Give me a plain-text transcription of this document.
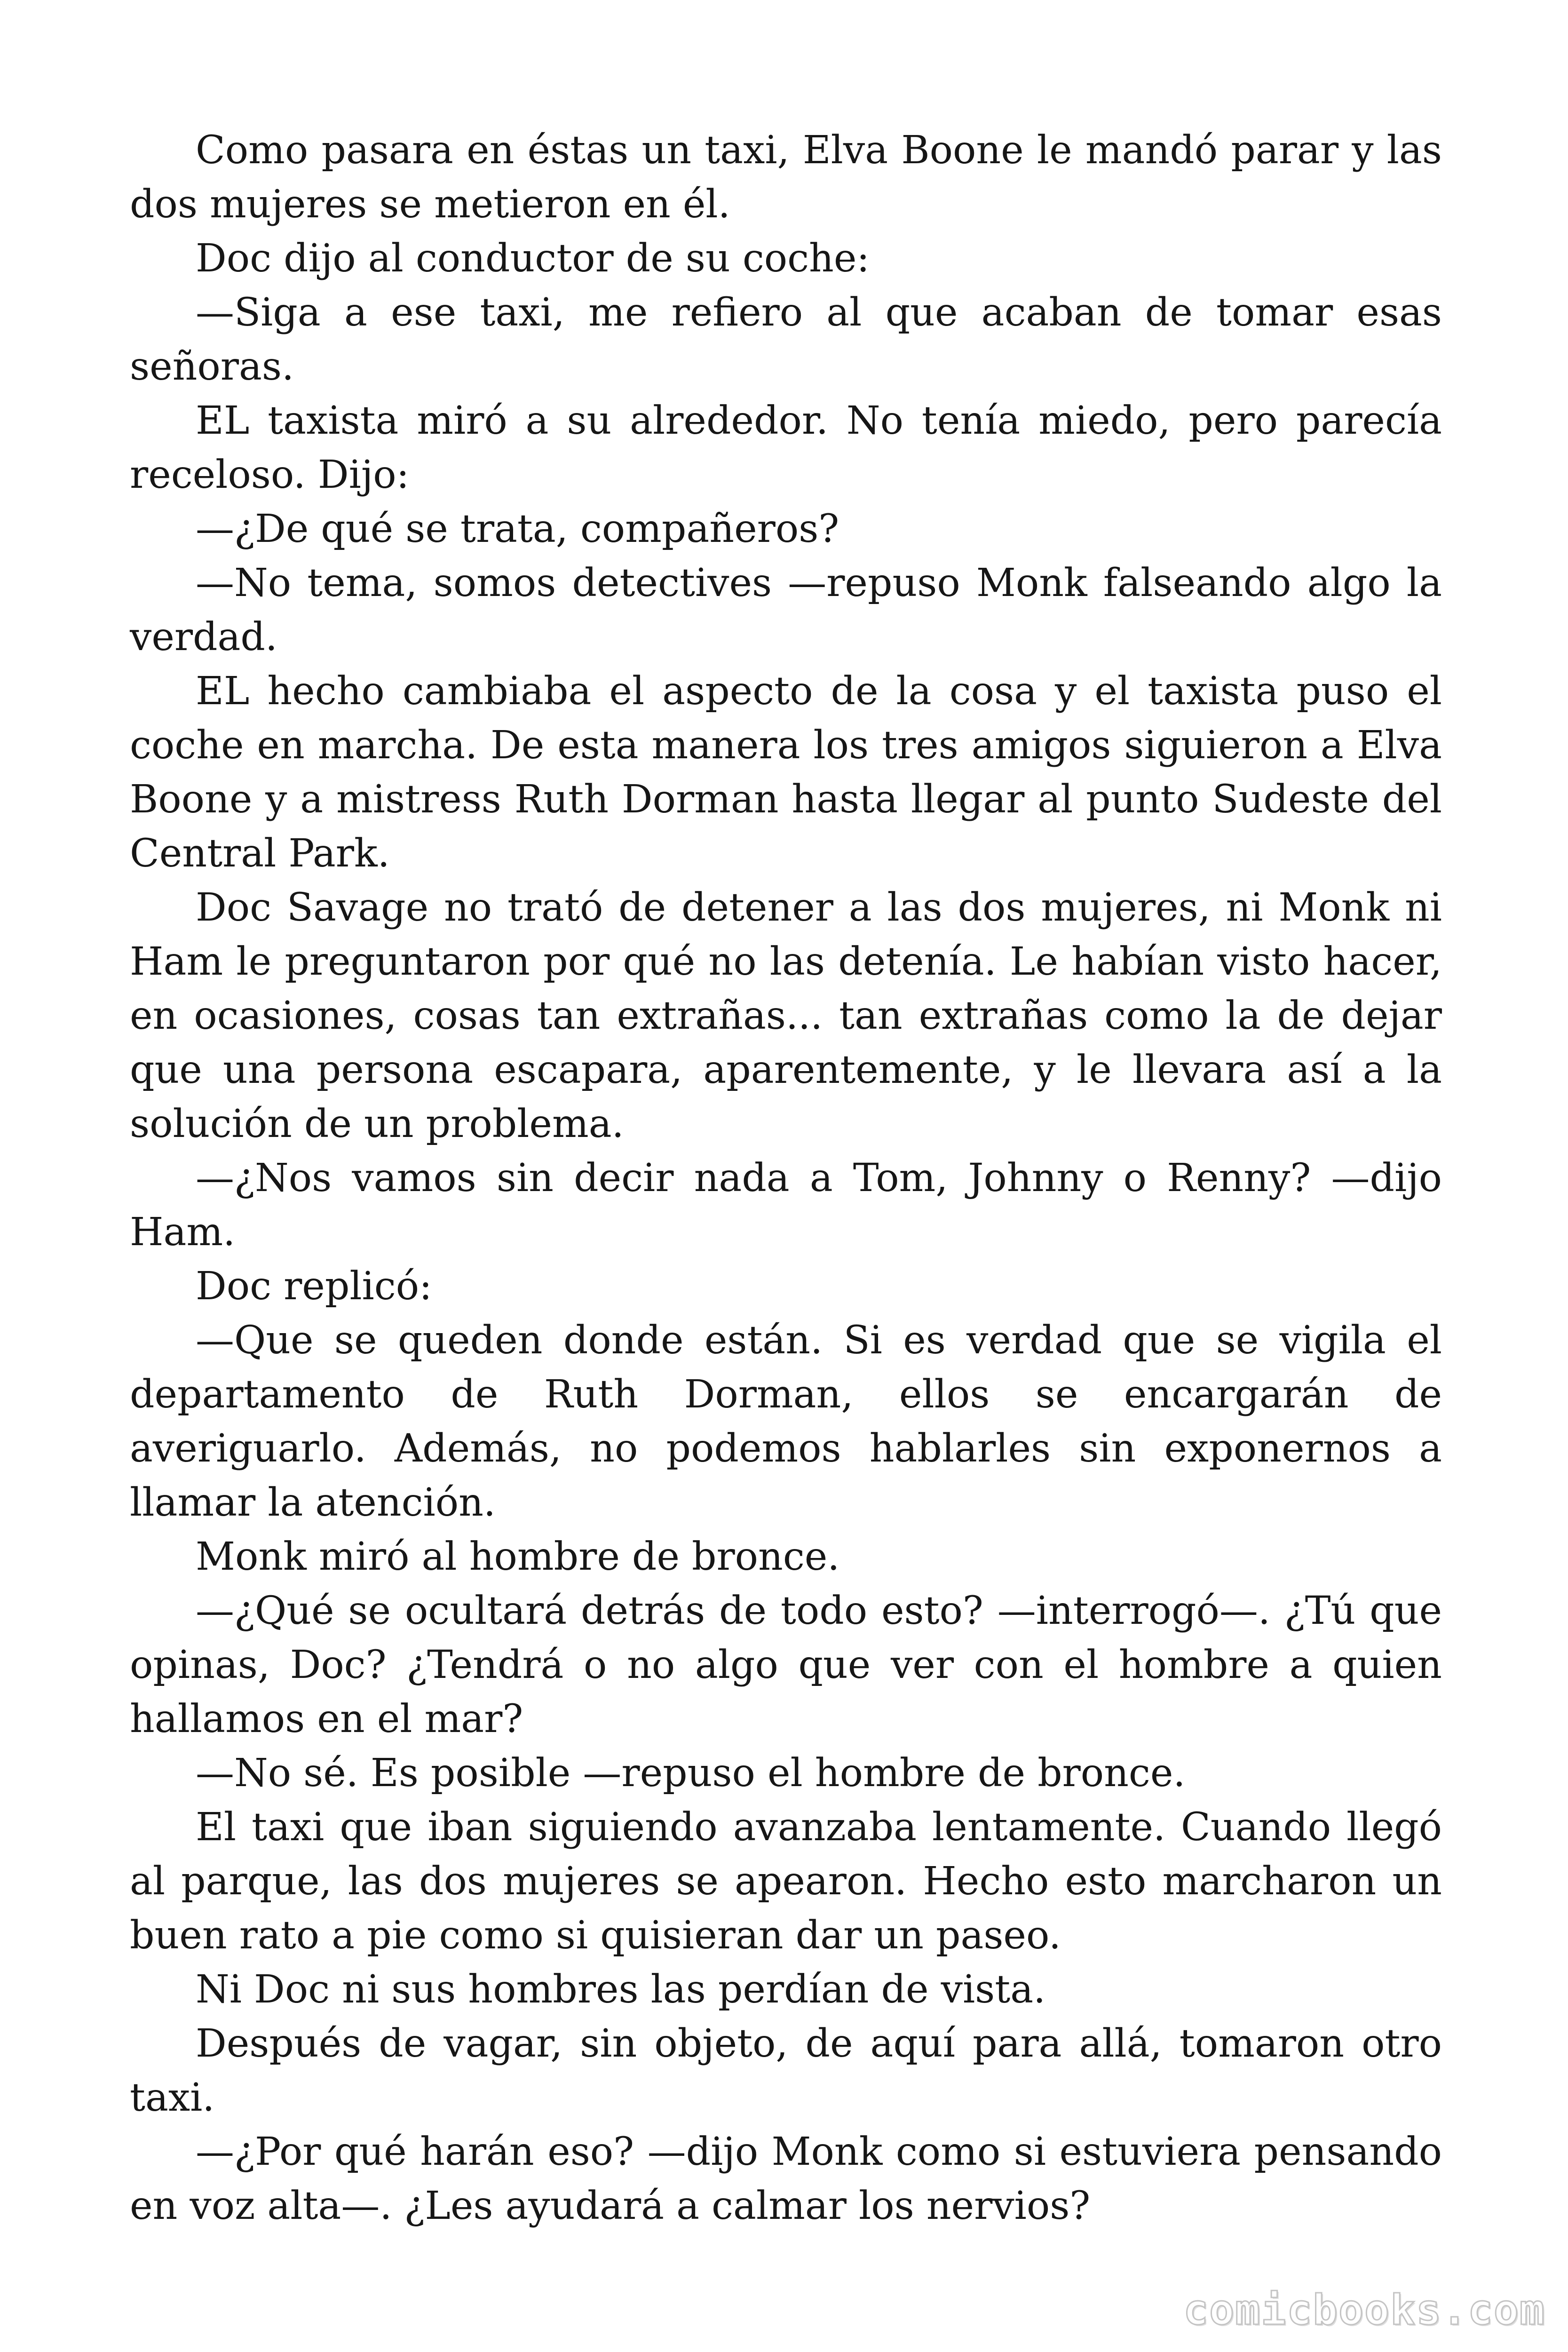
Como pasara en éstas un taxi, Elva Boone le mandó parar y las dos mujeres se metieron en él.

Doc dijo al conductor de su coche:

—Siga a ese taxi, me refiero al que acaban de tomar esas señoras.

EL taxista miró a su alrededor. No tenía miedo, pero parecía receloso. Dijo:

—¿De qué se trata, compañeros?

—No tema, somos detectives —repuso Monk falseando algo la verdad.

EL hecho cambiaba el aspecto de la cosa y el taxista puso el coche en marcha. De esta manera los tres amigos siguieron a Elva Boone y a mistress Ruth Dorman hasta llegar al punto Sudeste del Central Park.

Doc Savage no trató de detener a las dos mujeres, ni Monk ni Ham le preguntaron por qué no las detenía. Le habían visto hacer, en ocasiones, cosas tan extrañas... tan extrañas como la de dejar que una persona escapara, aparentemente, y le llevara así a la solución de un problema.

—¿Nos vamos sin decir nada a Tom, Johnny o Renny? —dijo Ham.

Doc replicó:

—Que se queden donde están. Si es verdad que se vigila el departamento de Ruth Dorman, ellos se encargarán de averiguarlo. Además, no podemos hablarles sin exponernos a llamar la atención.

Monk miró al hombre de bronce.

—¿Qué se ocultará detrás de todo esto? —interrogó—. ¿Tú que opinas, Doc? ¿Tendrá o no algo que ver con el hombre a quien hallamos en el mar?

—No sé. Es posible —repuso el hombre de bronce.

El taxi que iban siguiendo avanzaba lentamente. Cuando llegó al parque, las dos mujeres se apearon. Hecho esto marcharon un buen rato a pie como si quisieran dar un paseo.

Ni Doc ni sus hombres las perdían de vista.

Después de vagar, sin objeto, de aquí para allá, tomaron otro taxi.

—¿Por qué harán eso? —dijo Monk como si estuviera pensando en voz alta—. ¿Les ayudará a calmar los nervios?

comicbooks.com
